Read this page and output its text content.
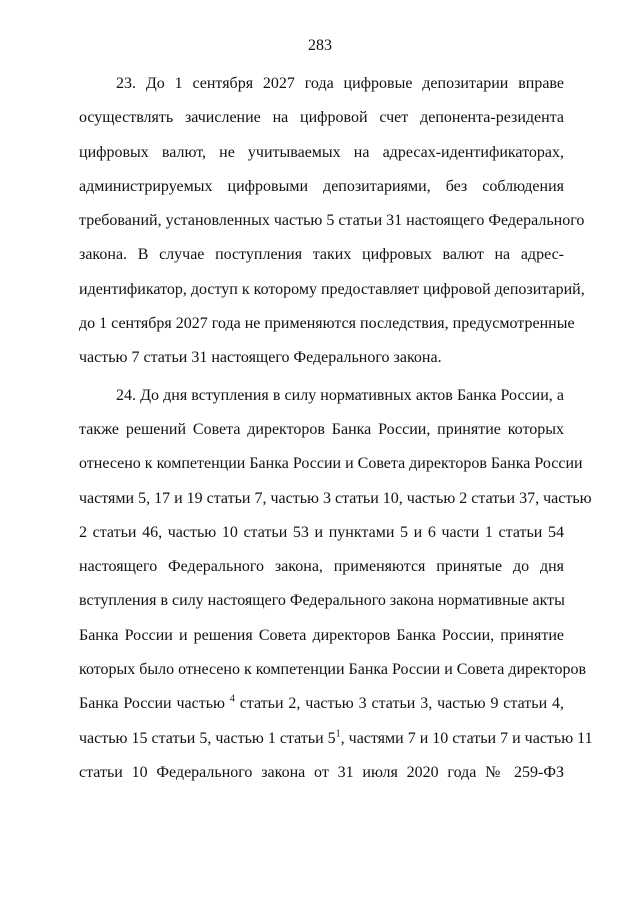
283
23. До 1 сентября 2027 года цифровые депозитарии вправе
осуществлять зачисление на цифровой счет депонента-резидента
цифровых валют, не учитываемых на адресах-идентификаторах,
администрируемых цифровыми депозитариями, без соблюдения
требований, установленных частью 5 статьи 31 настоящего Федерального
закона. В случае поступления таких цифровых валют на адрес-
идентификатор, доступ к которому предоставляет цифровой депозитарий,
до 1 сентября 2027 года не применяются последствия, предусмотренные
частью 7 статьи 31 настоящего Федерального закона.
24. До дня вступления в силу нормативных актов Банка России, а
также решений Совета директоров Банка России, принятие которых
отнесено к компетенции Банка России и Совета директоров Банка России
частями 5, 17 и 19 статьи 7, частью 3 статьи 10, частью 2 статьи 37, частью
2 статьи 46, частью 10 статьи 53 и пунктами 5 и 6 части 1 статьи 54
настоящего Федерального закона, применяются принятые до дня
вступления в силу настоящего Федерального закона нормативные акты
Банка России и решения Совета директоров Банка России, принятие
которых было отнесено к компетенции Банка России и Совета директоров
Банка России частью $^4$ статьи 2, частью 3 статьи 3, частью 9 статьи 4,
частью 15 статьи 5, частью 1 статьи $5^1$, частями 7 и 10 статьи 7 и частью 11
статьи 10 Федерального закона от 31 июля 2020 года № 259-ФЗ
